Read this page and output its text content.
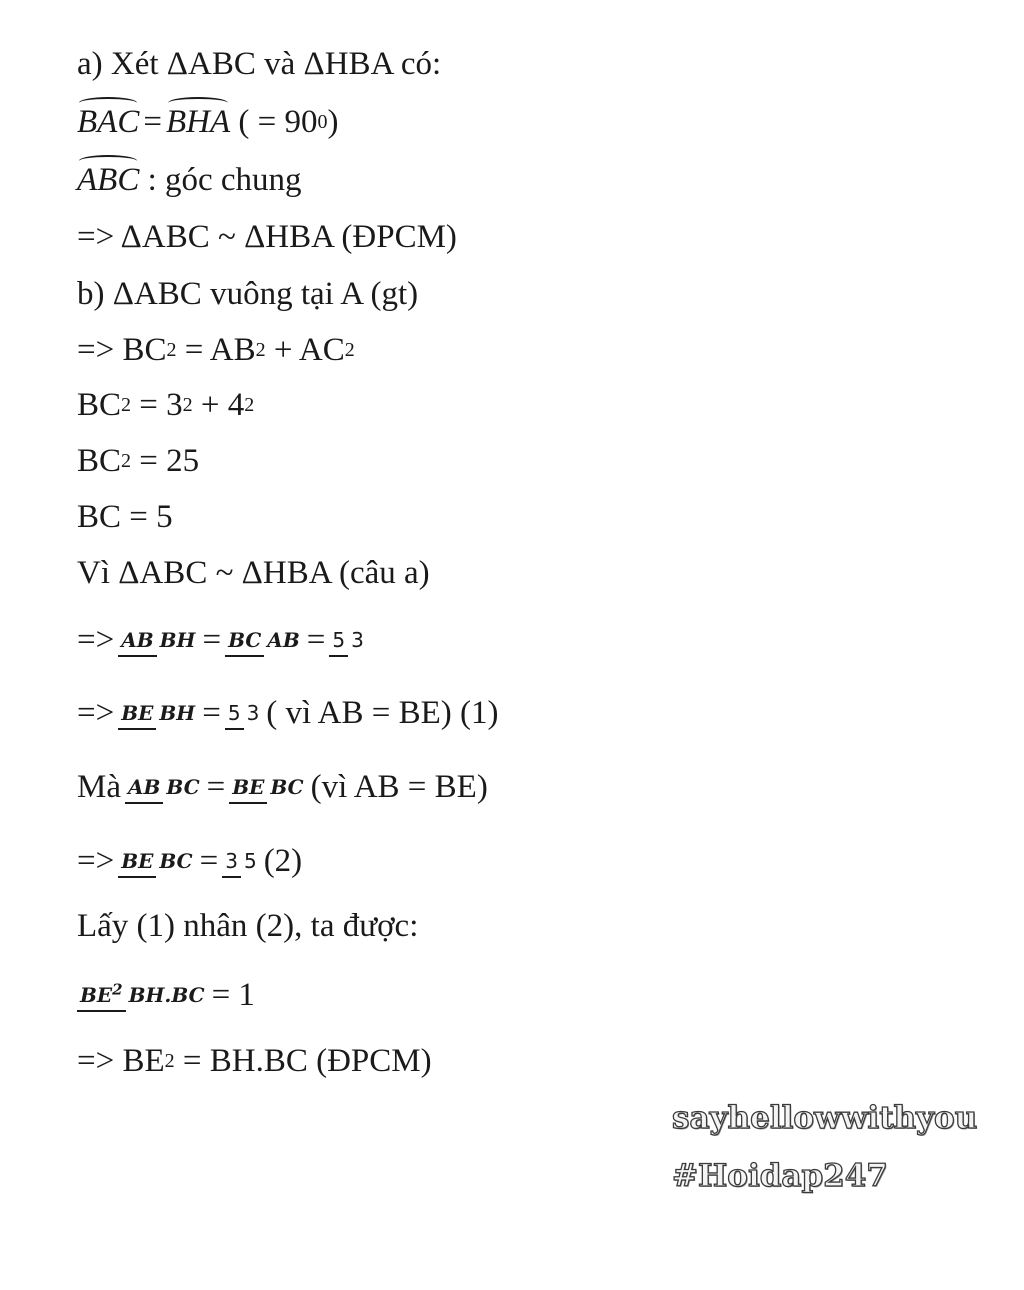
a) Xét ΔABC và ΔHBA có:
BAC = BHA ( = 90 0 )
ABC : góc chung
=> ΔABC ~ ΔHBA (ĐPCM)
b) ΔABC vuông tại A (gt)
=> BC 2 = AB 2 + AC 2
BC 2 = 3 2 + 4 2
BC 2 = 25
BC = 5
Vì ΔABC ~ ΔHBA (câu a)
=> AB BH = BC AB = 5 3
=> BE BH = 5 3 ( vì AB = BE) (1)
Mà AB BC = BE BC (vì AB = BE)
=> BE BC = 3 5 (2)
Lấy (1) nhân (2), ta được:
$BE^2$ BH.BC = 1
=> BE 2 = BH.BC (ĐPCM)
sayhellowwithyou
#Hoidap247
